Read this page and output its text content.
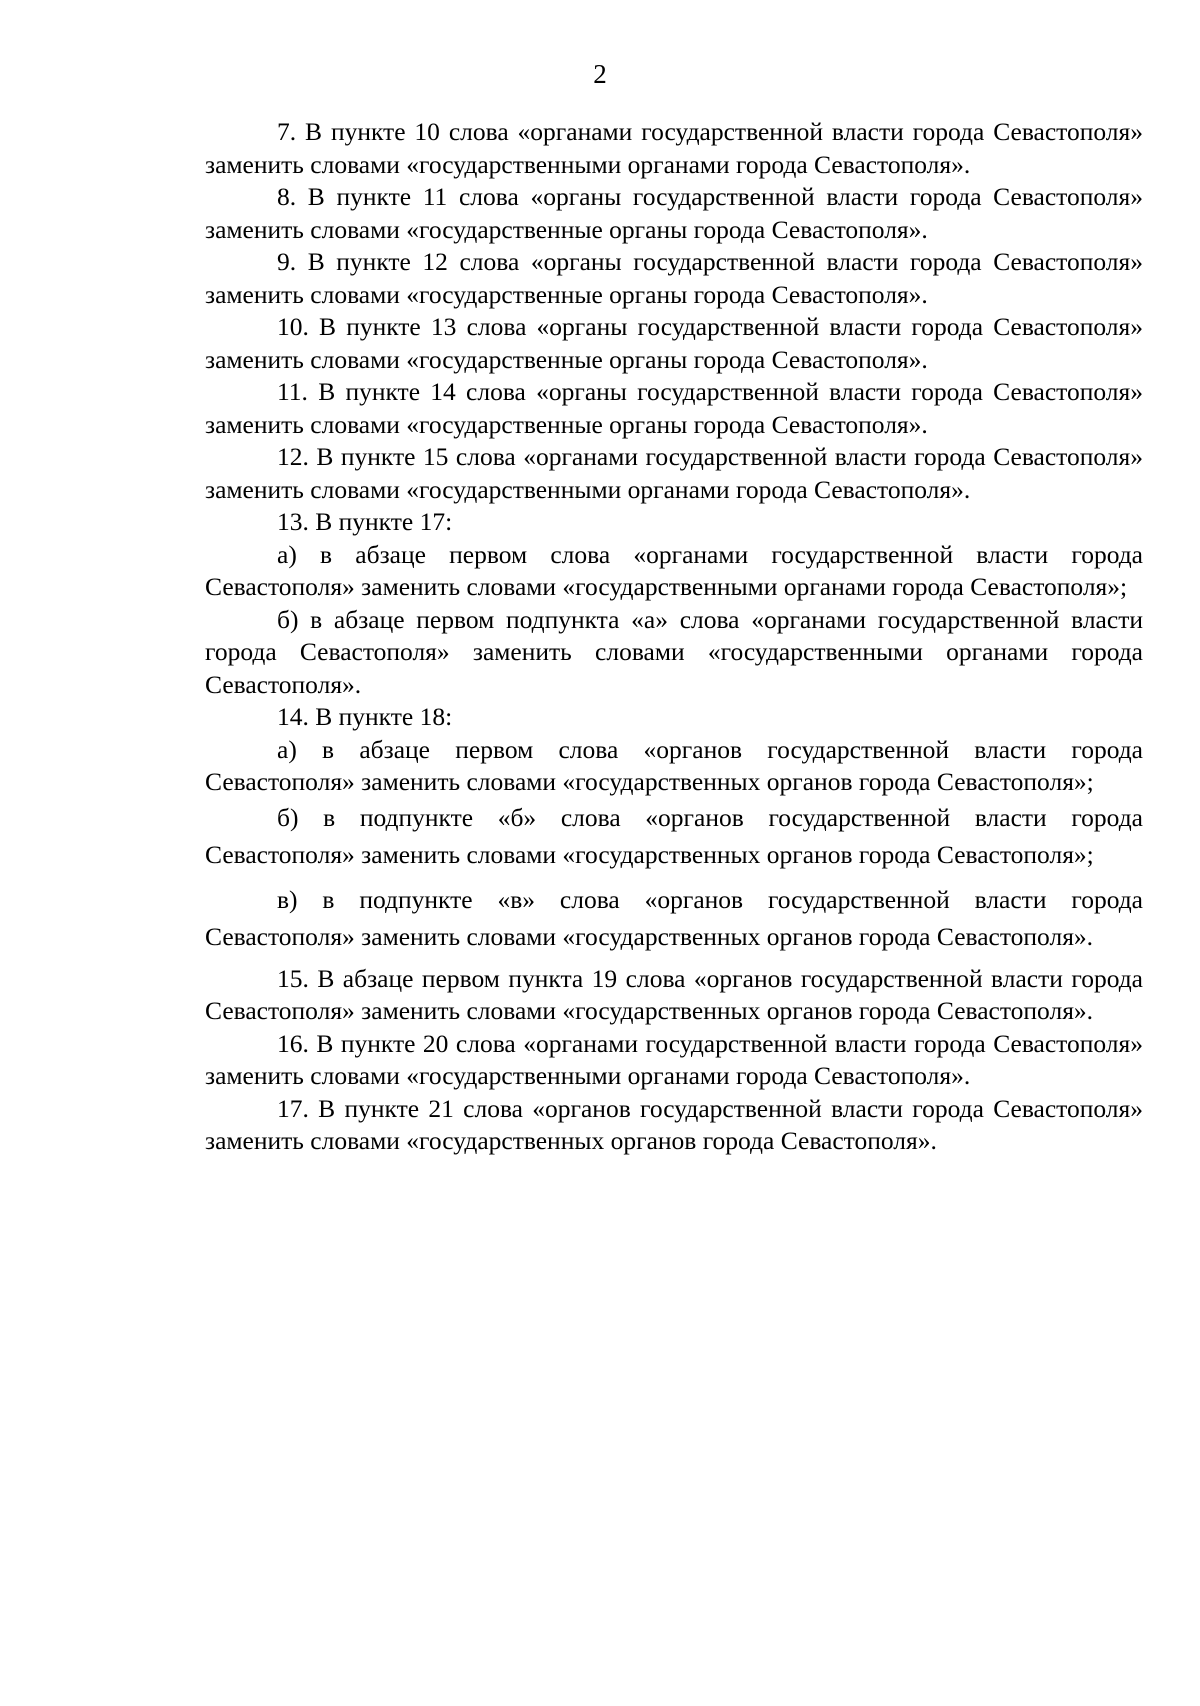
2

7. В пункте 10 слова «органами государственной власти города Севастополя» заменить словами «государственными органами города Севастополя».

8. В пункте 11 слова «органы государственной власти города Севастополя» заменить словами «государственные органы города Севастополя».

9. В пункте 12 слова «органы государственной власти города Севастополя» заменить словами «государственные органы города Севастополя».

10. В пункте 13 слова «органы государственной власти города Севастополя» заменить словами «государственные органы города Севастополя».

11. В пункте 14 слова «органы государственной власти города Севастополя» заменить словами «государственные органы города Севастополя».

12. В пункте 15 слова «органами государственной власти города Севастополя» заменить словами «государственными органами города Севастополя».

13. В пункте 17:

а) в абзаце первом слова «органами государственной власти города Севастополя» заменить словами «государственными органами города Севастополя»;

б) в абзаце первом подпункта «а» слова «органами государственной власти города Севастополя» заменить словами «государственными органами города Севастополя».

14. В пункте 18:

а) в абзаце первом слова «органов государственной власти города Севастополя» заменить словами «государственных органов города Севастополя»;

б) в подпункте «б» слова «органов государственной власти города Севастополя» заменить словами «государственных органов города Севастополя»;

в) в подпункте «в» слова «органов государственной власти города Севастополя» заменить словами «государственных органов города Севастополя».

15. В абзаце первом пункта 19 слова «органов государственной власти города Севастополя» заменить словами «государственных органов города Севастополя».

16. В пункте 20 слова «органами государственной власти города Севастополя» заменить словами «государственными органами города Севастополя».

17. В пункте 21 слова «органов государственной власти города Севастополя» заменить словами «государственных органов города Севастополя».
